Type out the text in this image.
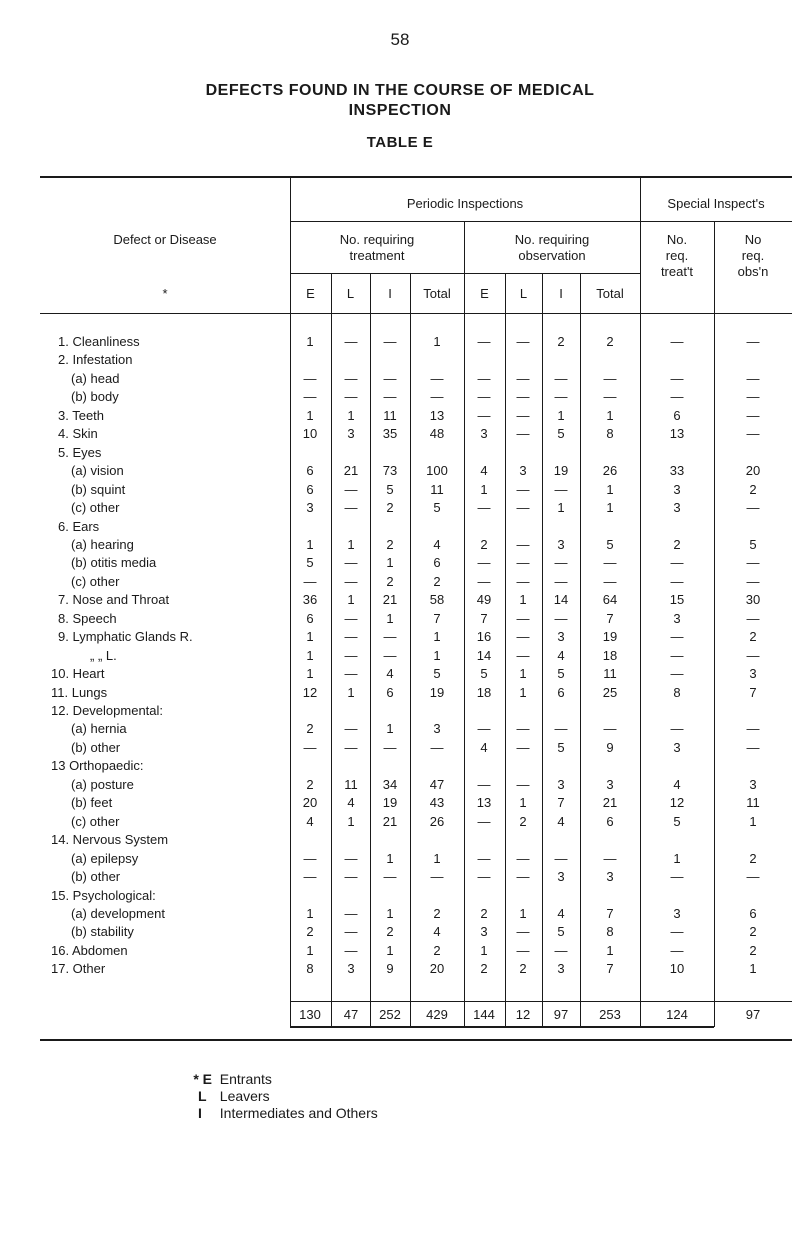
58
DEFECTS FOUND IN THE COURSE OF MEDICAL
INSPECTION
TABLE E
Defect or Disease
*
Periodic Inspections	Special Inspect's
No. requiring
treatment
No. requiring
observation
No.
req.
treat't
No
req.
obs'n
E	L	I	Total	E	L	I	Total
1. Cleanliness	1	—	—	1	—	—	2	2	—	—
2. Infestation
(a) head	—	—	—	—	—	—	—	—	—	—
(b) body	—	—	—	—	—	—	—	—	—	—
3. Teeth	1	1	11	13	—	—	1	1	6	—
4. Skin	10	3	35	48	3	—	5	8	13	—
5. Eyes
(a) vision	6	21	73	100	4	3	19	26	33	20
(b) squint	6	—	5	11	1	—	—	1	3	2
(c) other	3	—	2	5	—	—	1	1	3	—
6. Ears
(a) hearing	1	1	2	4	2	—	3	5	2	5
(b) otitis media	5	—	1	6	—	—	—	—	—	—
(c) other	—	—	2	2	—	—	—	—	—	—
7. Nose and Throat	36	1	21	58	49	1	14	64	15	30
8. Speech	6	—	1	7	7	—	—	7	3	—
9. Lymphatic Glands R.	1	—	—	1	16	—	3	19	—	2
„ „ L.	1	—	—	1	14	—	4	18	—	—
10. Heart	1	—	4	5	5	1	5	11	—	3
11. Lungs	12	1	6	19	18	1	6	25	8	7
12. Developmental:
(a) hernia	2	—	1	3	—	—	—	—	—	—
(b) other	—	—	—	—	4	—	5	9	3	—
13 Orthopaedic:
(a) posture	2	11	34	47	—	—	3	3	4	3
(b) feet	20	4	19	43	13	1	7	21	12	11
(c) other	4	1	21	26	—	2	4	6	5	1
14. Nervous System
(a) epilepsy	—	—	1	1	—	—	—	—	1	2
(b) other	—	—	—	—	—	—	3	3	—	—
15. Psychological:
(a) development	1	—	1	2	2	1	4	7	3	6
(b) stability	2	—	2	4	3	—	5	8	—	2
16. Abdomen	1	—	1	2	1	—	—	1	—	2
17. Other	8	3	9	20	2	2	3	7	10	1
130	47	252	429	144	12	97	253	124	97
* E Entrants
L Leavers
I Intermediates and Others
